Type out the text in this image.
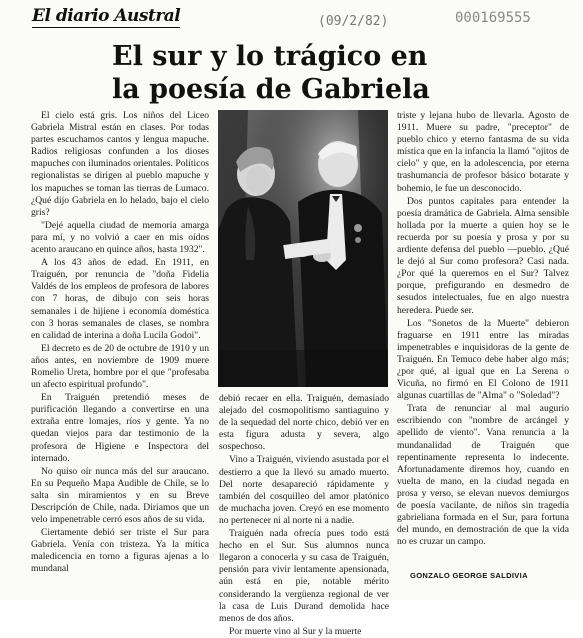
El diario Austral	(09/2/82)	000169555
El sur y lo trágico en la poesía de Gabriela

El cielo está gris. Los niños del Liceo Gabriela Mistral están en clases. Por todas partes escuchamos cantos y lengua mapuche. Radios religiosas confunden a los dioses mapuches con iluminados orientales. Políticos regionalistas se dirigen al pueblo mapuche y los mapuches se toman las tierras de Lumaco. ¿Qué dijo Gabriela en lo helado, bajo el cielo gris?

"Dejé aquella ciudad de memoria amarga para mí, y no volvió a caer en mis oídos acento araucano en quince años, hasta 1932".

A los 43 años de edad. En 1911, en Traiguén, por renuncia de "doña Fidelia Valdés de los empleos de profesora de labores con 7 horas, de dibujo con seis horas semanales i de hijiene i economía doméstica con 3 horas semanales de clases, se nombra en calidad de interina a doña Lucila Godoi".

El decreto es de 20 de octubre de 1910 y un años antes, en noviembre de 1909 muere Romelio Ureta, hombre por el que "profesaba un afecto espiritual profundo".

En Traiguén pretendió meses de purificación llegando a convertirse en una extraña entre lomajes, ríos y gente. Ya no quedan viejos para dar testimonio de la profesora de Higiene e Inspectora del internado.

No quiso oír nunca más del sur araucano. En su Pequeño Mapa Audible de Chile, se lo salta sin miramientos y en su Breve Descripción de Chile, nada. Diríamos que un velo impenetrable cerró esos años de su vida.

Ciertamente debió ser triste el Sur para Gabriela. Venía con tristeza. Ya la mítica maledicencia en torno a figuras ajenas a lo mundanal

debió recaer en ella. Traiguén, demasiado alejado del cosmopolitismo santiaguino y de la sequedad del norte chico, debió ver en esta figura adusta y severa, algo sospechoso.

Vino a Traiguén, viviendo asustada por el destierro a que la llevó su amado muerto. Del norte desapareció rápidamente y también del cosquilleo del amor platónico de muchacha joven. Creyó en ese momento no pertenecer ni al norte ni a nadie.

Traiguén nada ofrecía pues todo está hecho en el Sur. Sus alumnos nunca llegaron a conocerla y su casa de Traiguén, pensión para vivir lentamente apensionada, aún está en pie, notable mérito considerando la vergüenza regional de ver la casa de Luis Durand demolida hace menos de dos años.

Por muerte vino al Sur y la muerte

triste y lejana hubo de llevarla. Agosto de 1911. Muere su padre, "preceptor" de pueblo chico y eterno fantasma de su vida mística que en la infancia la llamó "ojitos de cielo" y que, en la adolescencia, por eterna trashumancia de profesor básico botarate y bohemio, le fue un desconocido.

Dos puntos capitales para entender la poesía dramática de Gabriela. Alma sensible hollada por la muerte a quien hoy se le recuerda por su poesía y prosa y por su ardiente defensa del pueblo —pueblo. ¿Qué le dejó al Sur como profesora? Casi nada. ¿Por qué la queremos en el Sur? Talvez porque, prefigurando en desmedro de sesudos intelectuales, fue en algo nuestra heredera. Puede ser.

Los "Sonetos de la Muerte" debieron fraguarse en 1911 entre las miradas impenetrables e inquisidoras de la gente de Traiguén. En Temuco debe haber algo más; ¿por qué, al igual que en La Serena o Vicuña, no firmó en El Colono de 1911 algunas cuartillas de "Alma" o "Soledad"?

Trata de renunciar al mal augurio escribiendo con "nombre de arcángel y apellido de viento". Vana renuncia a la mundanalidad de Traiguén que repentinamente representa lo indecente. Afortunadamente diremos hoy, cuando en vuelta de mano, en la ciudad negada en prosa y verso, se elevan nuevos demiurgos de poesía vacilante, de niños sin tragedia gabrieliana formada en el Sur, para fortuna del mundo, en demostración de que la vida no es cruzar un campo.

GONZALO GEORGE SALDIVIA
